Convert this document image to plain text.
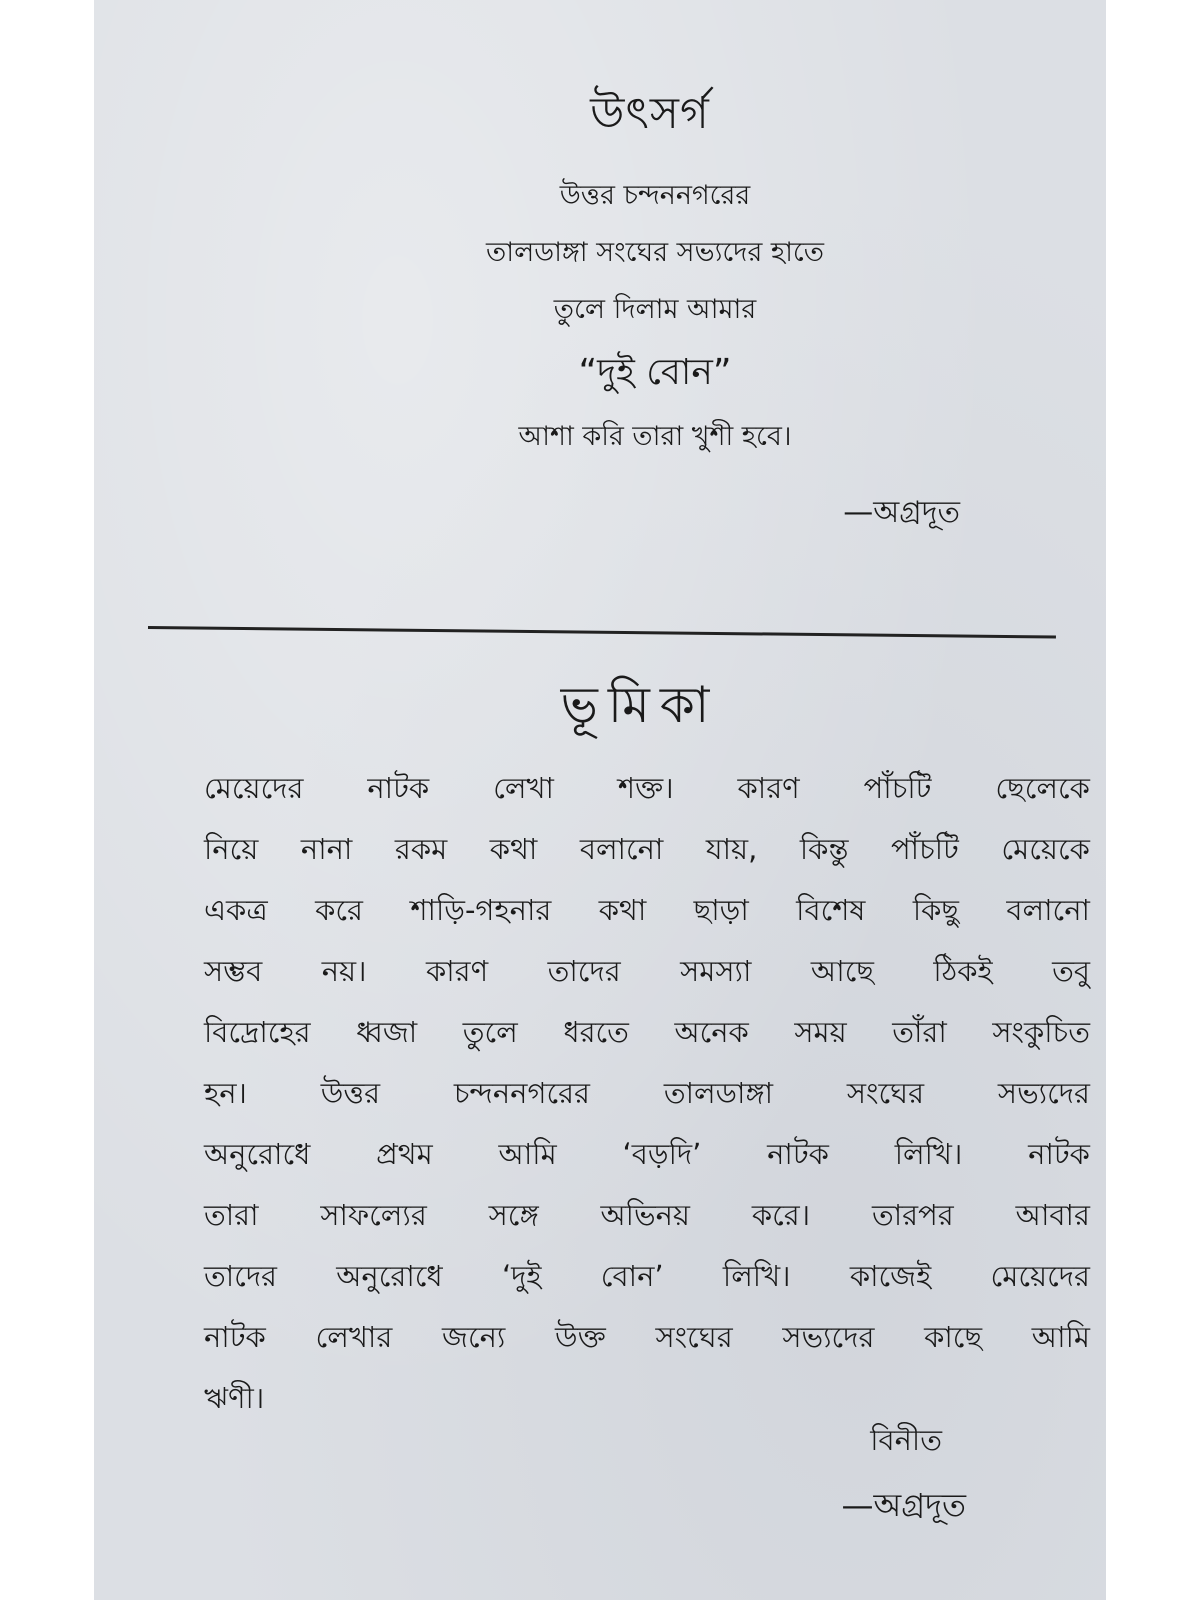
উৎসর্গ
উত্তর চন্দননগরের
তালডাঙ্গা সংঘের সভ্যদের হাতে
তুলে দিলাম আমার
“দুই বোন”
আশা করি তারা খুশী হবে।
—অগ্রদূত
ভূমিকা
মেয়েদের নাটক লেখা শক্ত। কারণ পাঁচটি ছেলেকে
নিয়ে নানা রকম কথা বলানো যায়, কিন্তু পাঁচটি মেয়েকে
একত্র করে শাড়ি-গহনার কথা ছাড়া বিশেষ কিছু বলানো
সম্ভব নয়। কারণ তাদের সমস্যা আছে ঠিকই তবু
বিদ্রোহের ধ্বজা তুলে ধরতে অনেক সময় তাঁরা সংকুচিত
হন।	উত্তর	চন্দননগরের	তালডাঙ্গা	সংঘের	সভ্যদের
অনুরোধে প্রথম আমি ‘বড়দি’ নাটক লিখি। নাটক
তারা সাফল্যের সঙ্গে অভিনয় করে। তারপর আবার
তাদের অনুরোধে ‘দুই বোন’ লিখি। কাজেই মেয়েদের
নাটক লেখার জন্যে উক্ত সংঘের সভ্যদের কাছে আমি
ঋণী।
বিনীত
—অগ্রদূত
